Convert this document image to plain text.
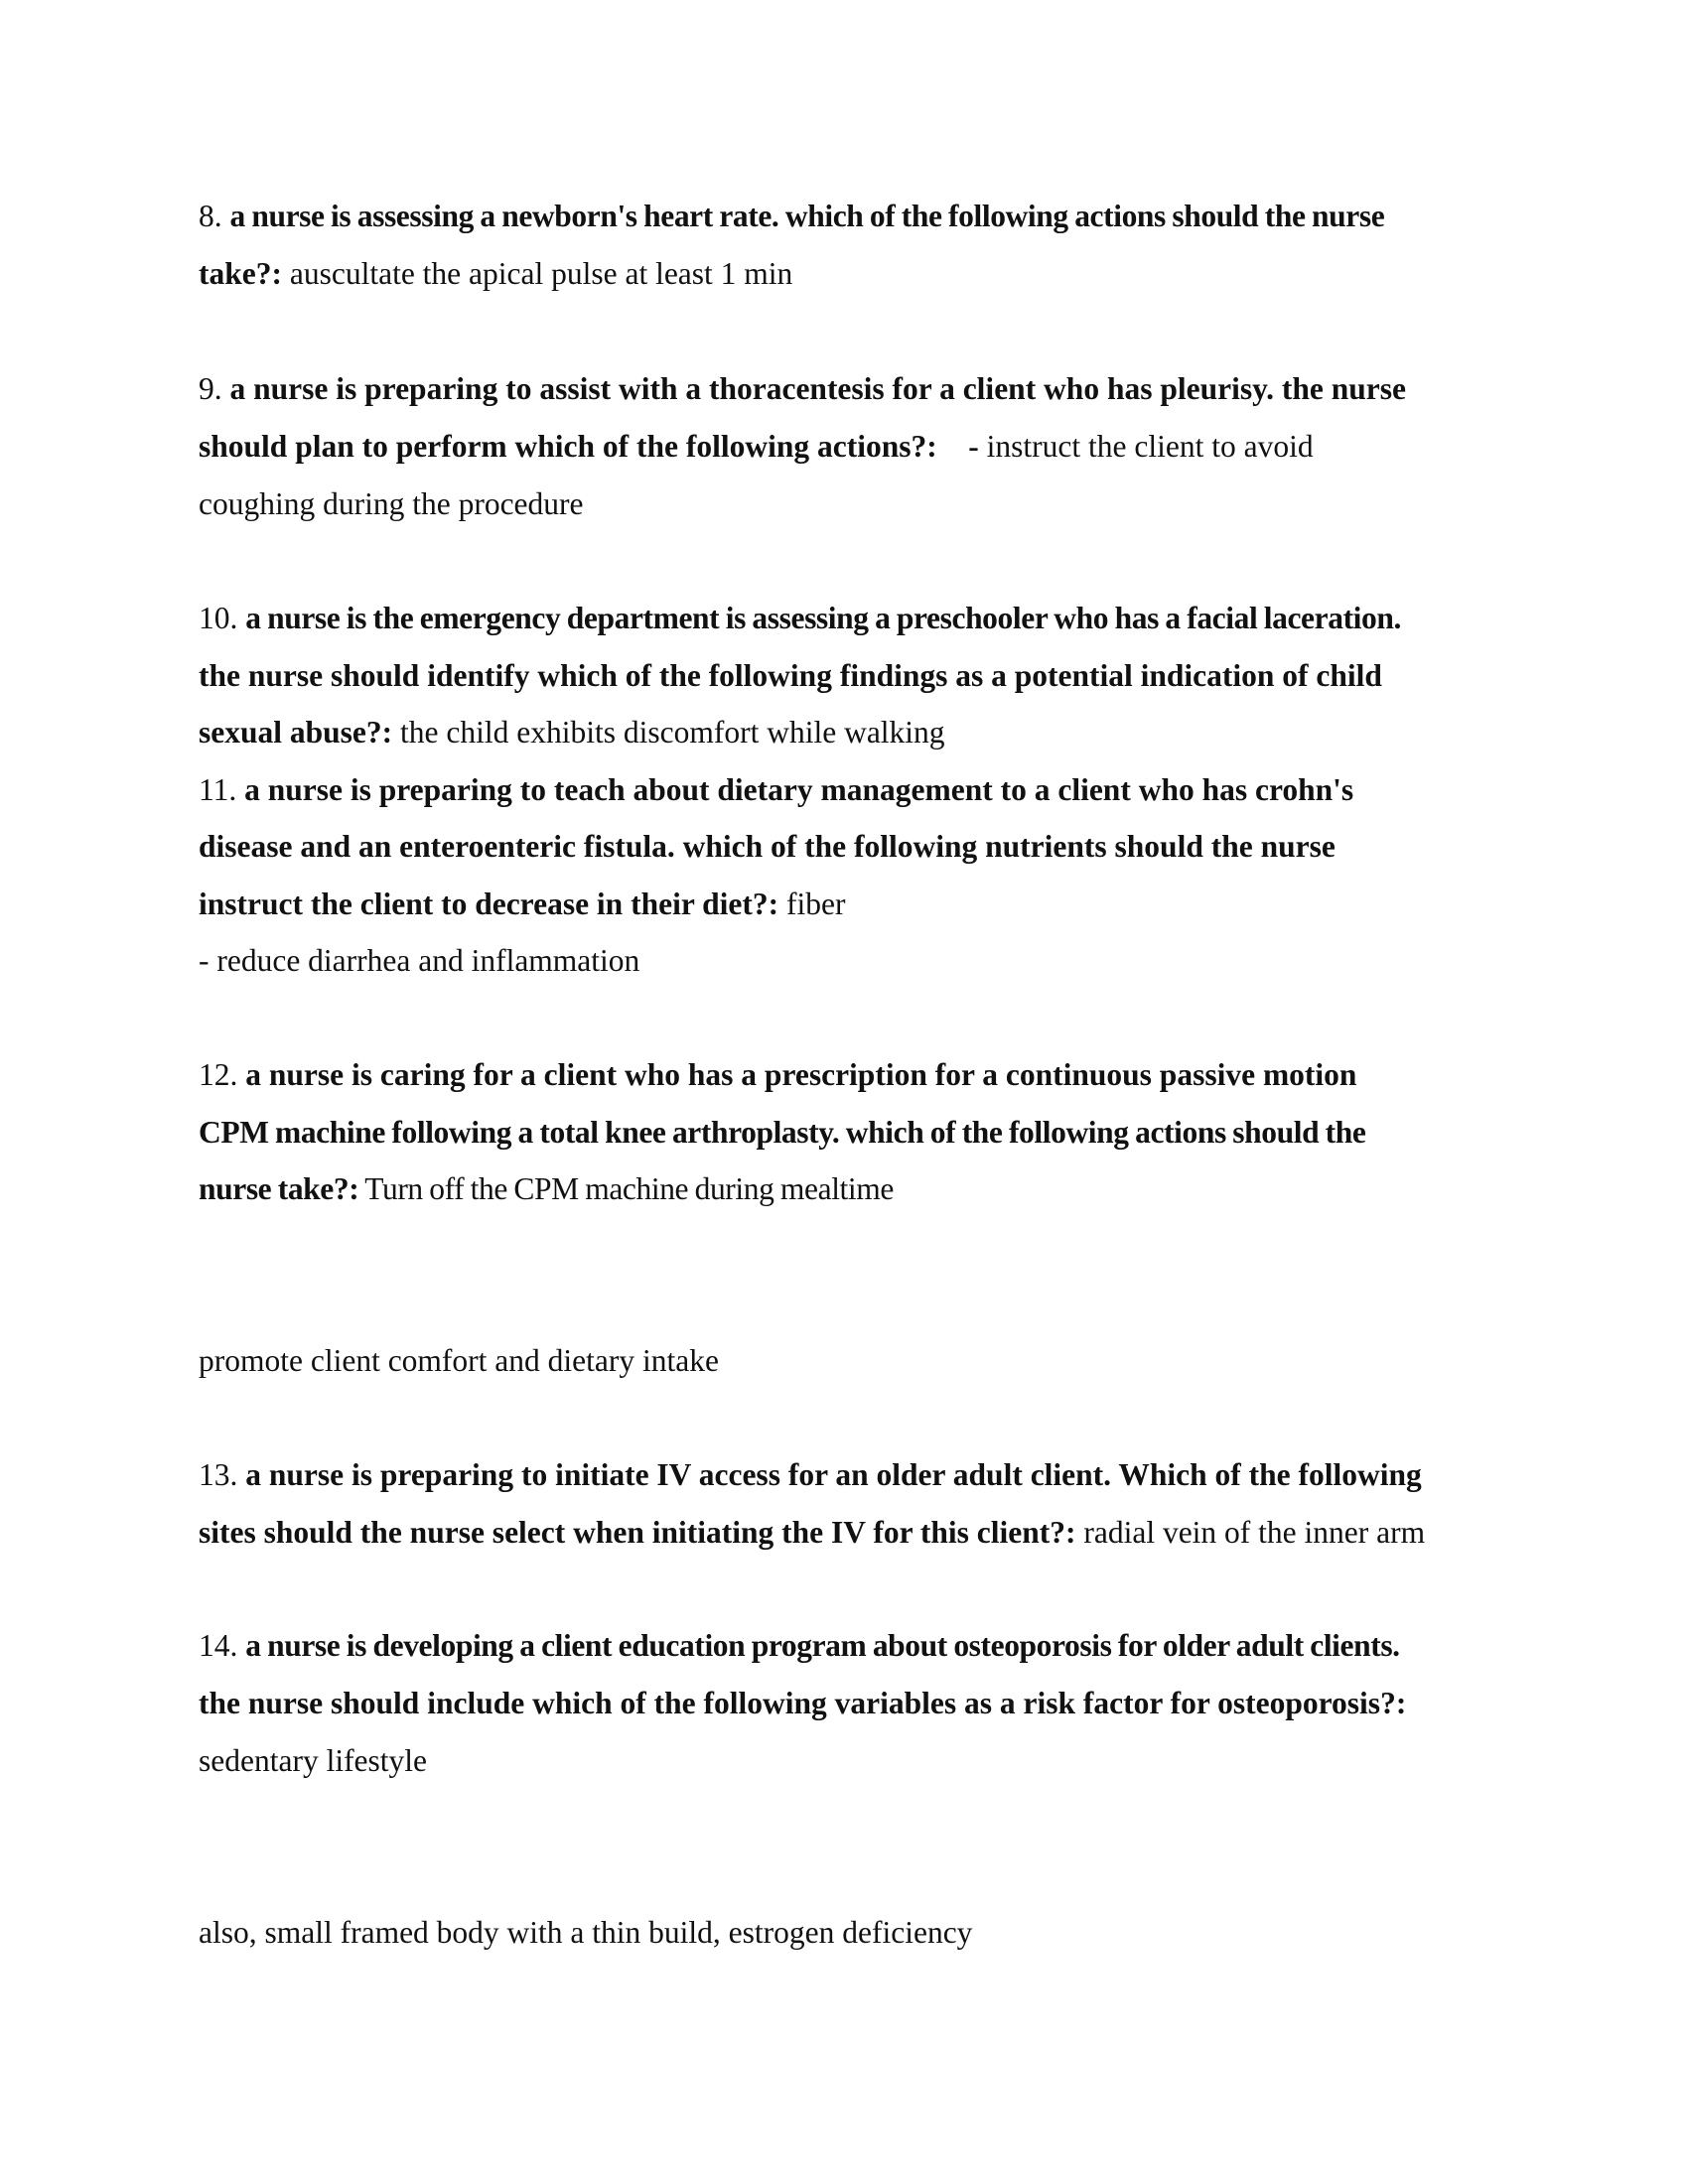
8. a nurse is assessing a newborn's heart rate. which of the following actions should the nurse
take?: auscultate the apical pulse at least 1 min
9. a nurse is preparing to assist with a thoracentesis for a client who has pleurisy. the nurse
should plan to perform which of the following actions?:    - instruct the client to avoid
coughing during the procedure
10. a nurse is the emergency department is assessing a preschooler who has a facial laceration.
the nurse should identify which of the following findings as a potential indication of child
sexual abuse?: the child exhibits discomfort while walking
11. a nurse is preparing to teach about dietary management to a client who has crohn's
disease and an enteroenteric fistula. which of the following nutrients should the nurse
instruct the client to decrease in their diet?: fiber
- reduce diarrhea and inflammation
12. a nurse is caring for a client who has a prescription for a continuous passive motion
CPM machine following a total knee arthroplasty. which of the following actions should the
nurse take?: Turn off the CPM machine during mealtime
promote client comfort and dietary intake
13. a nurse is preparing to initiate IV access for an older adult client. Which of the following
sites should the nurse select when initiating the IV for this client?: radial vein of the inner arm
14. a nurse is developing a client education program about osteoporosis for older adult clients.
the nurse should include which of the following variables as a risk factor for osteoporosis?:
sedentary lifestyle
also, small framed body with a thin build, estrogen deficiency
